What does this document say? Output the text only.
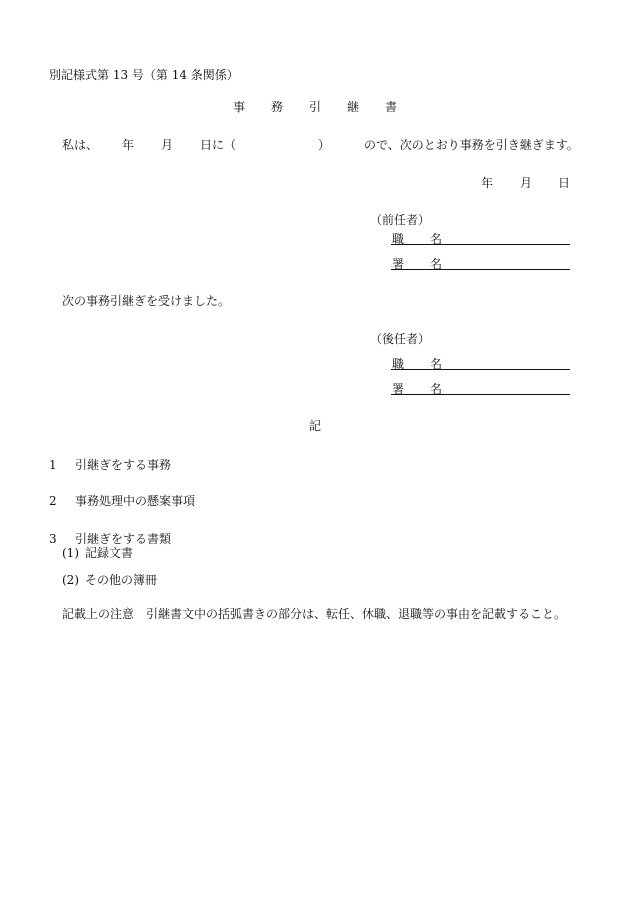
別記様式第 13 号（第 14 条関係）
事 務 引 継 書
私は、 年 月 日に（	）	ので、次のとおり事務を引き継ぎます。
年 月 日
（前任者）
職 名
署 名
次の事務引継ぎを受けました。
（後任者）
職 名
署 名
記
1 引継ぎをする事務
2 事務処理中の懸案事項
3 引継ぎをする書類
(1) 記録文書
(2) その他の簿冊
記載上の注意　引継書文中の括弧書きの部分は、転任、休職、退職等の事由を記載すること。
